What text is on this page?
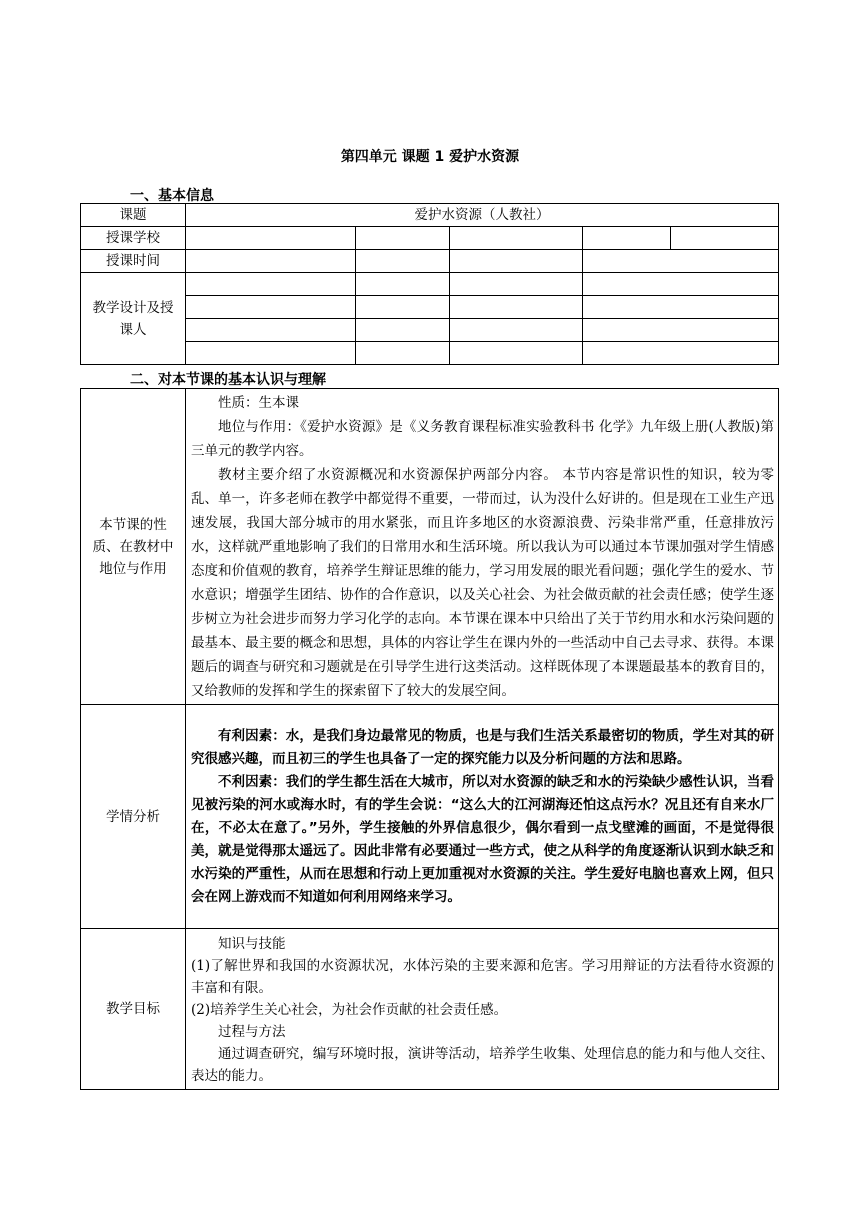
第四单元 课题 1 爱护水资源
一、基本信息
课题	爱护水资源（人教社）				
授课学校					
授课时间					
教学设计及授课人					

二、对本节课的基本认识与理解
本节课的性质、在教材中地位与作用	性质：生本课

地位与作用：《爱护水资源》是《义务教育课程标准实验教科书 化学》九年级上册(人教版)第三单元的教学内容。

教材主要介绍了水资源概况和水资源保护两部分内容。 本节内容是常识性的知识，较为零乱、单一，许多老师在教学中都觉得不重要，一带而过，认为没什么好讲的。但是现在工业生产迅速发展，我国大部分城市的用水紧张，而且许多地区的水资源浪费、污染非常严重，任意排放污水，这样就严重地影响了我们的日常用水和生活环境。所以我认为可以通过本节课加强对学生情感态度和价值观的教育，培养学生辩证思维的能力，学习用发展的眼光看问题；强化学生的爱水、节水意识；增强学生团结、协作的合作意识，以及关心社会、为社会做贡献的社会责任感；使学生逐步树立为社会进步而努力学习化学的志向。本节课在课本中只给出了关于节约用水和水污染问题的最基本、最主要的概念和思想，具体的内容让学生在课内外的一些活动中自己去寻求、获得。本课题后的调查与研究和习题就是在引导学生进行这类活动。这样既体现了本课题最基本的教育目的，又给教师的发挥和学生的探索留下了较大的发展空间。

学情分析	有利因素：水，是我们身边最常见的物质，也是与我们生活关系最密切的物质，学生对其的研究很感兴趣，而且初三的学生也具备了一定的探究能力以及分析问题的方法和思路。

不利因素：我们的学生都生活在大城市，所以对水资源的缺乏和水的污染缺少感性认识，当看见被污染的河水或海水时，有的学生会说：“这么大的江河湖海还怕这点污水？况且还有自来水厂在，不必太在意了。”另外，学生接触的外界信息很少，偶尔看到一点戈壁滩的画面，不是觉得很美，就是觉得那太遥远了。因此非常有必要通过一些方式，使之从科学的角度逐渐认识到水缺乏和水污染的严重性，从而在思想和行动上更加重视对水资源的关注。学生爱好电脑也喜欢上网，但只会在网上游戏而不知道如何利用网络来学习。

教学目标	知识与技能

(1)了解世界和我国的水资源状况，水体污染的主要来源和危害。学习用辩证的方法看待水资源的丰富和有限。

(2)培养学生关心社会，为社会作贡献的社会责任感。

过程与方法

通过调查研究，编写环境时报，演讲等活动，培养学生收集、处理信息的能力和与他人交往、表达的能力。
